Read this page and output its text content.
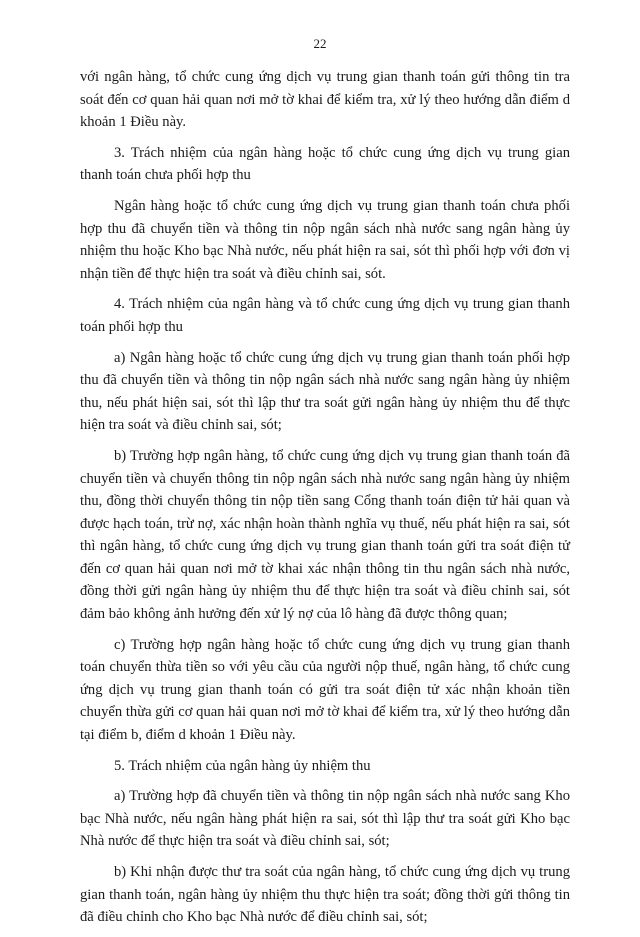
22

với ngân hàng, tổ chức cung ứng dịch vụ trung gian thanh toán gửi thông tin tra soát đến cơ quan hải quan nơi mở tờ khai để kiểm tra, xử lý theo hướng dẫn điểm d khoản 1 Điều này.

3. Trách nhiệm của ngân hàng hoặc tổ chức cung ứng dịch vụ trung gian thanh toán chưa phối hợp thu

Ngân hàng hoặc tổ chức cung ứng dịch vụ trung gian thanh toán chưa phối hợp thu đã chuyển tiền và thông tin nộp ngân sách nhà nước sang ngân hàng ủy nhiệm thu hoặc Kho bạc Nhà nước, nếu phát hiện ra sai, sót thì phối hợp với đơn vị nhận tiền để thực hiện tra soát và điều chỉnh sai, sót.

4. Trách nhiệm của ngân hàng và tổ chức cung ứng dịch vụ trung gian thanh toán phối hợp thu

a) Ngân hàng hoặc tổ chức cung ứng dịch vụ trung gian thanh toán phối hợp thu đã chuyển tiền và thông tin nộp ngân sách nhà nước sang ngân hàng ủy nhiệm thu, nếu phát hiện sai, sót thì lập thư tra soát gửi ngân hàng ủy nhiệm thu để thực hiện tra soát và điều chỉnh sai, sót;

b) Trường hợp ngân hàng, tổ chức cung ứng dịch vụ trung gian thanh toán đã chuyển tiền và chuyển thông tin nộp ngân sách nhà nước sang ngân hàng ủy nhiệm thu, đồng thời chuyển thông tin nộp tiền sang Cổng thanh toán điện tử hải quan và được hạch toán, trừ nợ, xác nhận hoàn thành nghĩa vụ thuế, nếu phát hiện ra sai, sót thì ngân hàng, tổ chức cung ứng dịch vụ trung gian thanh toán gửi tra soát điện tử đến cơ quan hải quan nơi mở tờ khai xác nhận thông tin thu ngân sách nhà nước, đồng thời gửi ngân hàng ủy nhiệm thu để thực hiện tra soát và điều chỉnh sai, sót đảm bảo không ảnh hưởng đến xử lý nợ của lô hàng đã được thông quan;

c) Trường hợp ngân hàng hoặc tổ chức cung ứng dịch vụ trung gian thanh toán chuyển thừa tiền so với yêu cầu của người nộp thuế, ngân hàng, tổ chức cung ứng dịch vụ trung gian thanh toán có gửi tra soát điện tử xác nhận khoản tiền chuyển thừa gửi cơ quan hải quan nơi mở tờ khai để kiểm tra, xử lý theo hướng dẫn tại điểm b, điểm d khoản 1 Điều này.

5. Trách nhiệm của ngân hàng ủy nhiệm thu

a) Trường hợp đã chuyển tiền và thông tin nộp ngân sách nhà nước sang Kho bạc Nhà nước, nếu ngân hàng phát hiện ra sai, sót thì lập thư tra soát gửi Kho bạc Nhà nước để thực hiện tra soát và điều chỉnh sai, sót;

b) Khi nhận được thư tra soát của ngân hàng, tổ chức cung ứng dịch vụ trung gian thanh toán, ngân hàng ủy nhiệm thu thực hiện tra soát; đồng thời gửi thông tin đã điều chỉnh cho Kho bạc Nhà nước để điều chỉnh sai, sót;
